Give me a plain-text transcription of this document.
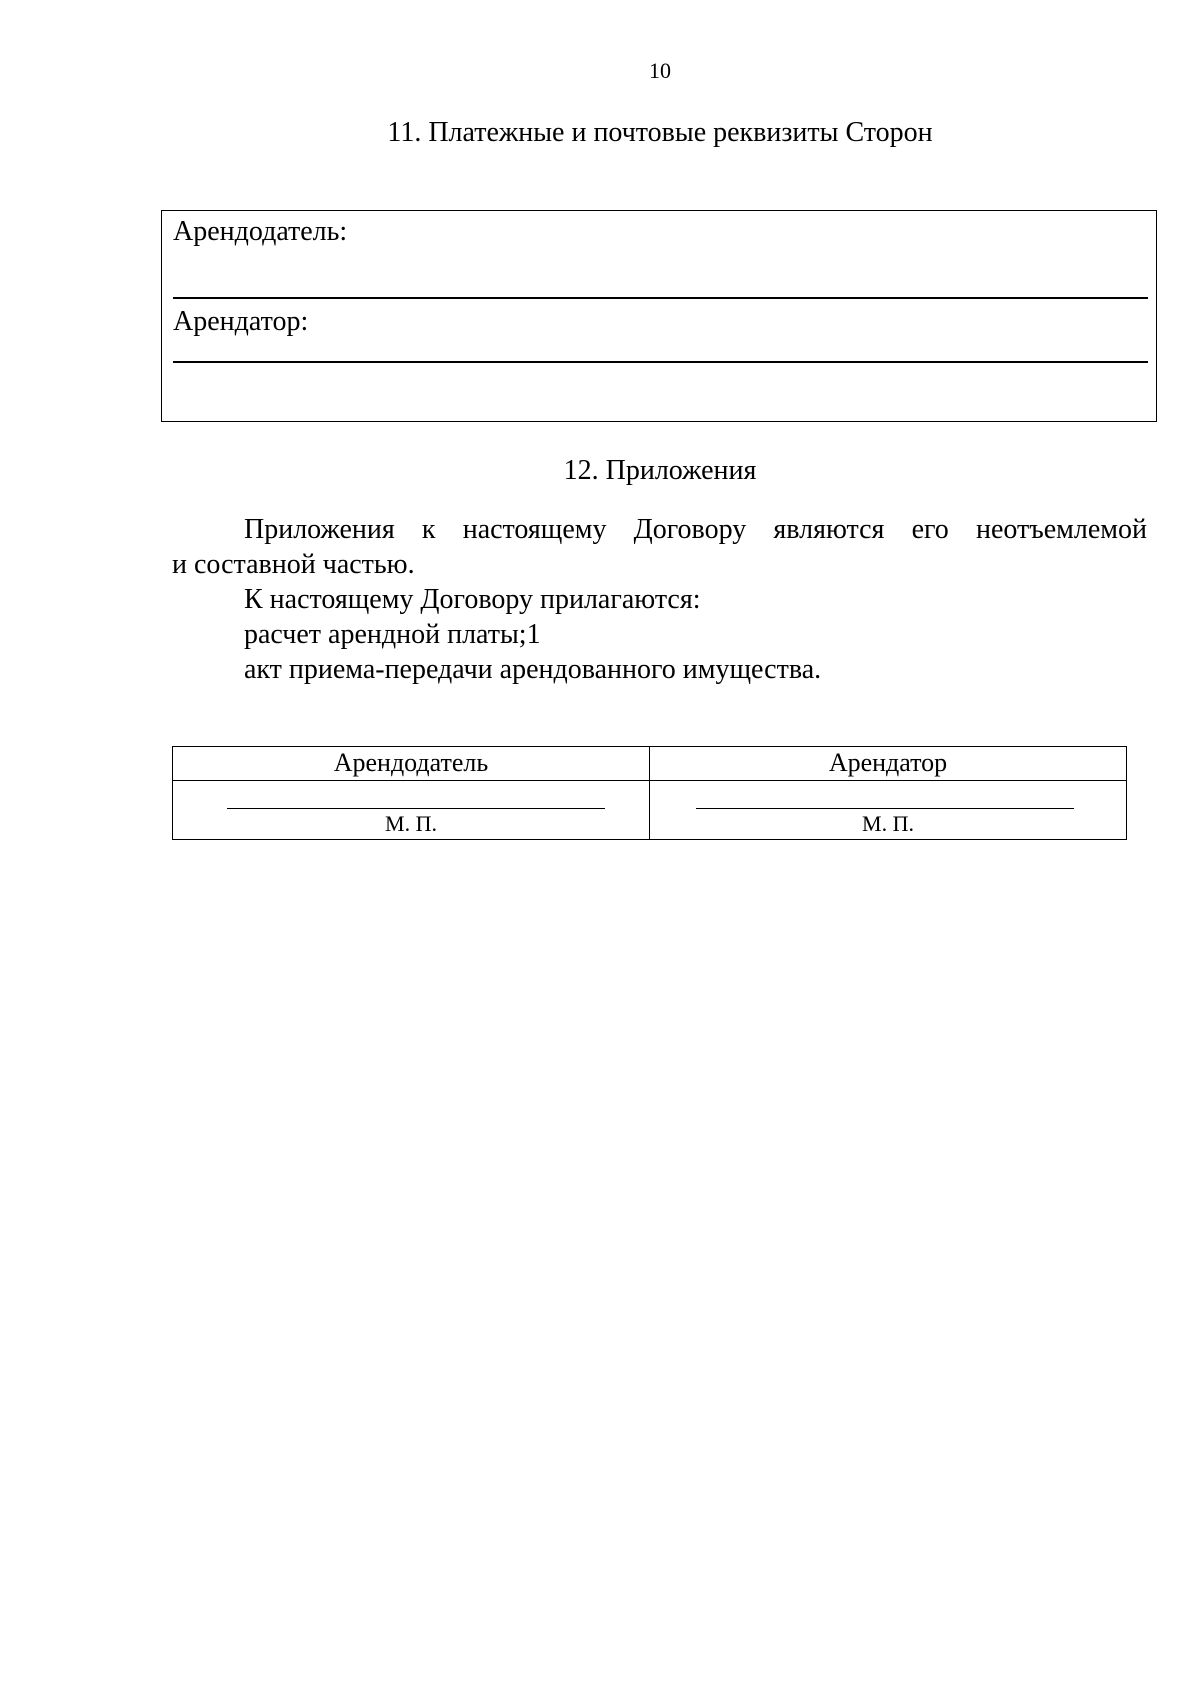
10
11. Платежные и почтовые реквизиты Сторон
Арендодатель:
Арендатор:
12. Приложения
Приложения к настоящему Договору являются его неотъемлемой
и составной частью.
К настоящему Договору прилагаются:
расчет арендной платы;1
акт приема-передачи арендованного имущества.
Арендодатель	Арендатор

М. П.	М. П.
